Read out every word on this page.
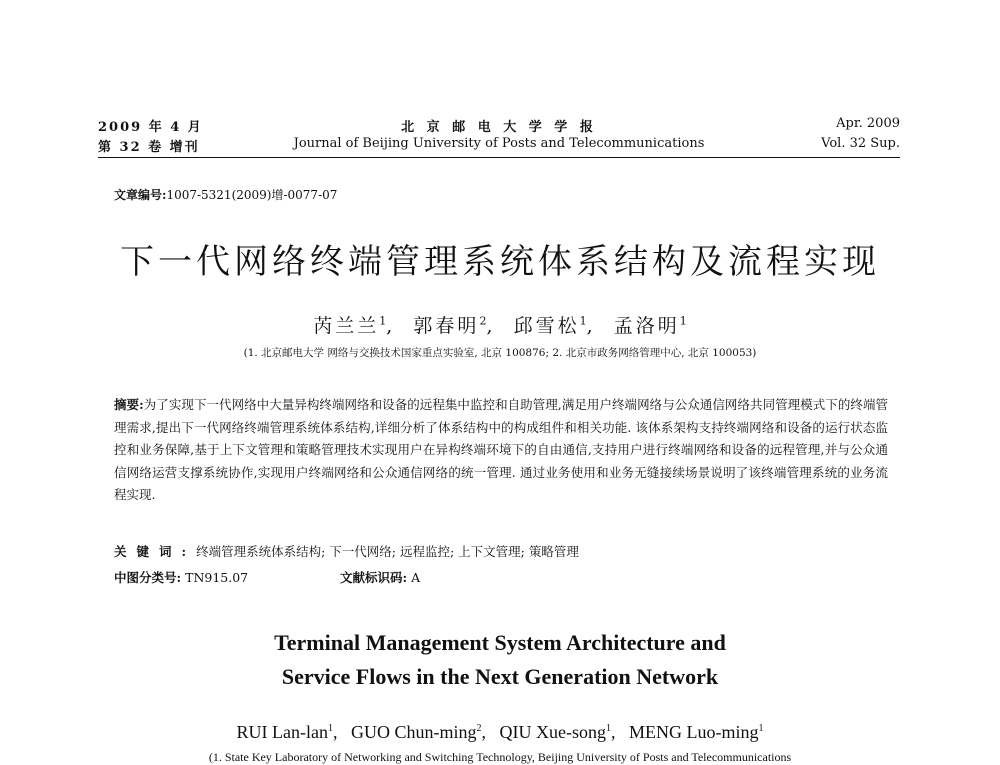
2009 年 4 月	北 京 邮 电 大 学 学 报	Apr. 2009
第 32 卷 增刊	Journal of Beijing University of Posts and Telecommunications	Vol. 32 Sup.
文章编号:1007-5321(2009)增-0077-07
下一代网络终端管理系统体系结构及流程实现
芮兰兰$^1$,  郭春明$^2$,  邱雪松$^1$,  孟洛明$^1$
(1. 北京邮电大学 网络与交换技术国家重点实验室, 北京 100876; 2. 北京市政务网络管理中心, 北京 100053)
摘要:为了实现下一代网络中大量异构终端网络和设备的远程集中监控和自助管理,满足用户终端网络与公众通信网络共同管理模式下的终端管理需求,提出下一代网络终端管理系统体系结构,详细分析了体系结构中的构成组件和相关功能. 该体系架构支持终端网络和设备的运行状态监控和业务保障,基于上下文管理和策略管理技术实现用户在异构终端环境下的自由通信,支持用户进行终端网络和设备的远程管理,并与公众通信网络运营支撑系统协作,实现用户终端网络和公众通信网络的统一管理. 通过业务使用和业务无缝接续场景说明了该终端管理系统的业务流程实现.
关键词:终端管理系统体系结构; 下一代网络; 远程监控; 上下文管理; 策略管理
中图分类号: TN915.07	文献标识码: A
Terminal Management System Architecture and
Service Flows in the Next Generation Network
RUI Lan-lan$^1$,   GUO Chun-ming$^2$,   QIU Xue-song$^1$,   MENG Luo-ming$^1$
(1. State Key Laboratory of Networking and Switching Technology, Beijing University of Posts and Telecommunications
